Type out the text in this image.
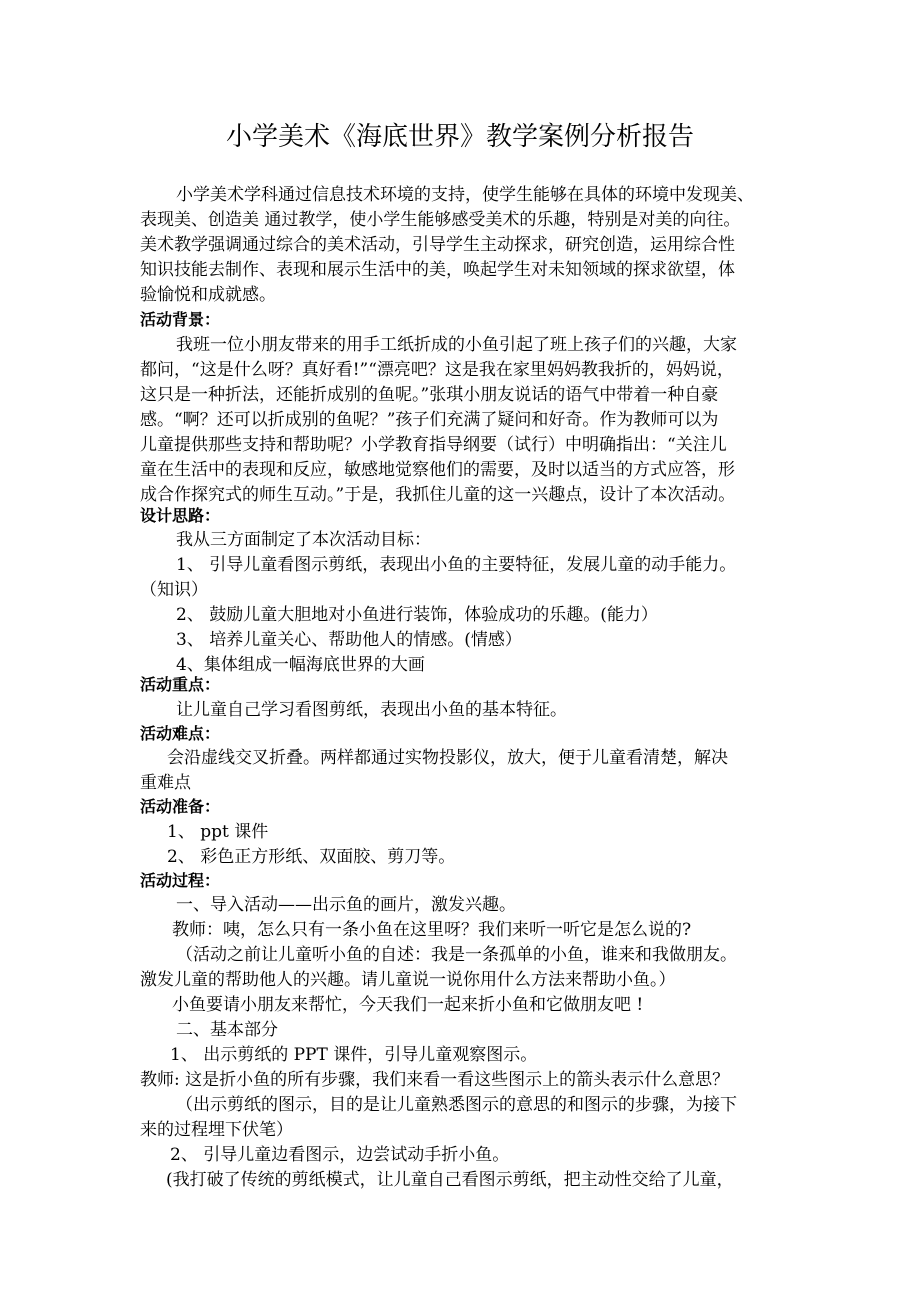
小学美术《海底世界》教学案例分析报告
小学美术学科通过信息技术环境的支持，使学生能够在具体的环境中发现美、
表现美、创造美 通过教学，使小学生能够感受美术的乐趣，特别是对美的向往。
美术教学强调通过综合的美术活动，引导学生主动探求，研究创造，运用综合性
知识技能去制作、表现和展示生活中的美，唤起学生对未知领域的探求欲望，体
验愉悦和成就感。
活动背景：
我班一位小朋友带来的用手工纸折成的小鱼引起了班上孩子们的兴趣，大家
都问，“这是什么呀？真好看!”“漂亮吧？这是我在家里妈妈教我折的，妈妈说，
这只是一种折法，还能折成别的鱼呢。”张琪小朋友说话的语气中带着一种自豪
感。“啊？还可以折成别的鱼呢？”孩子们充满了疑问和好奇。作为教师可以为
儿童提供那些支持和帮助呢？小学教育指导纲要（试行）中明确指出：“关注儿
童在生活中的表现和反应，敏感地觉察他们的需要，及时以适当的方式应答，形
成合作探究式的师生互动。”于是，我抓住儿童的这一兴趣点，设计了本次活动。
设计思路：
我从三方面制定了本次活动目标：
1、 引导儿童看图示剪纸，表现出小鱼的主要特征，发展儿童的动手能力。
（知识）
2、 鼓励儿童大胆地对小鱼进行装饰，体验成功的乐趣。(能力）
3、 培养儿童关心、帮助他人的情感。(情感）
4、集体组成一幅海底世界的大画
活动重点：
让儿童自己学习看图剪纸，表现出小鱼的基本特征。
活动难点：
会沿虚线交叉折叠。两样都通过实物投影仪，放大，便于儿童看清楚，解决
重难点
活动准备：
1、 ppt 课件
2、 彩色正方形纸、双面胶、剪刀等。
活动过程：
一、导入活动——出示鱼的画片，激发兴趣。
教师：咦，怎么只有一条小鱼在这里呀？我们来听一听它是怎么说的?
（活动之前让儿童听小鱼的自述：我是一条孤单的小鱼，谁来和我做朋友。
激发儿童的帮助他人的兴趣。请儿童说一说你用什么方法来帮助小鱼。）
小鱼要请小朋友来帮忙，今天我们一起来折小鱼和它做朋友吧 !
二、基本部分
1、 出示剪纸的 PPT 课件，引导儿童观察图示。
教师: 这是折小鱼的所有步骤，我们来看一看这些图示上的箭头表示什么意思？
（出示剪纸的图示，目的是让儿童熟悉图示的意思的和图示的步骤，为接下
来的过程埋下伏笔）
2、 引导儿童边看图示，边尝试动手折小鱼。
(我打破了传统的剪纸模式，让儿童自己看图示剪纸，把主动性交给了儿童，
